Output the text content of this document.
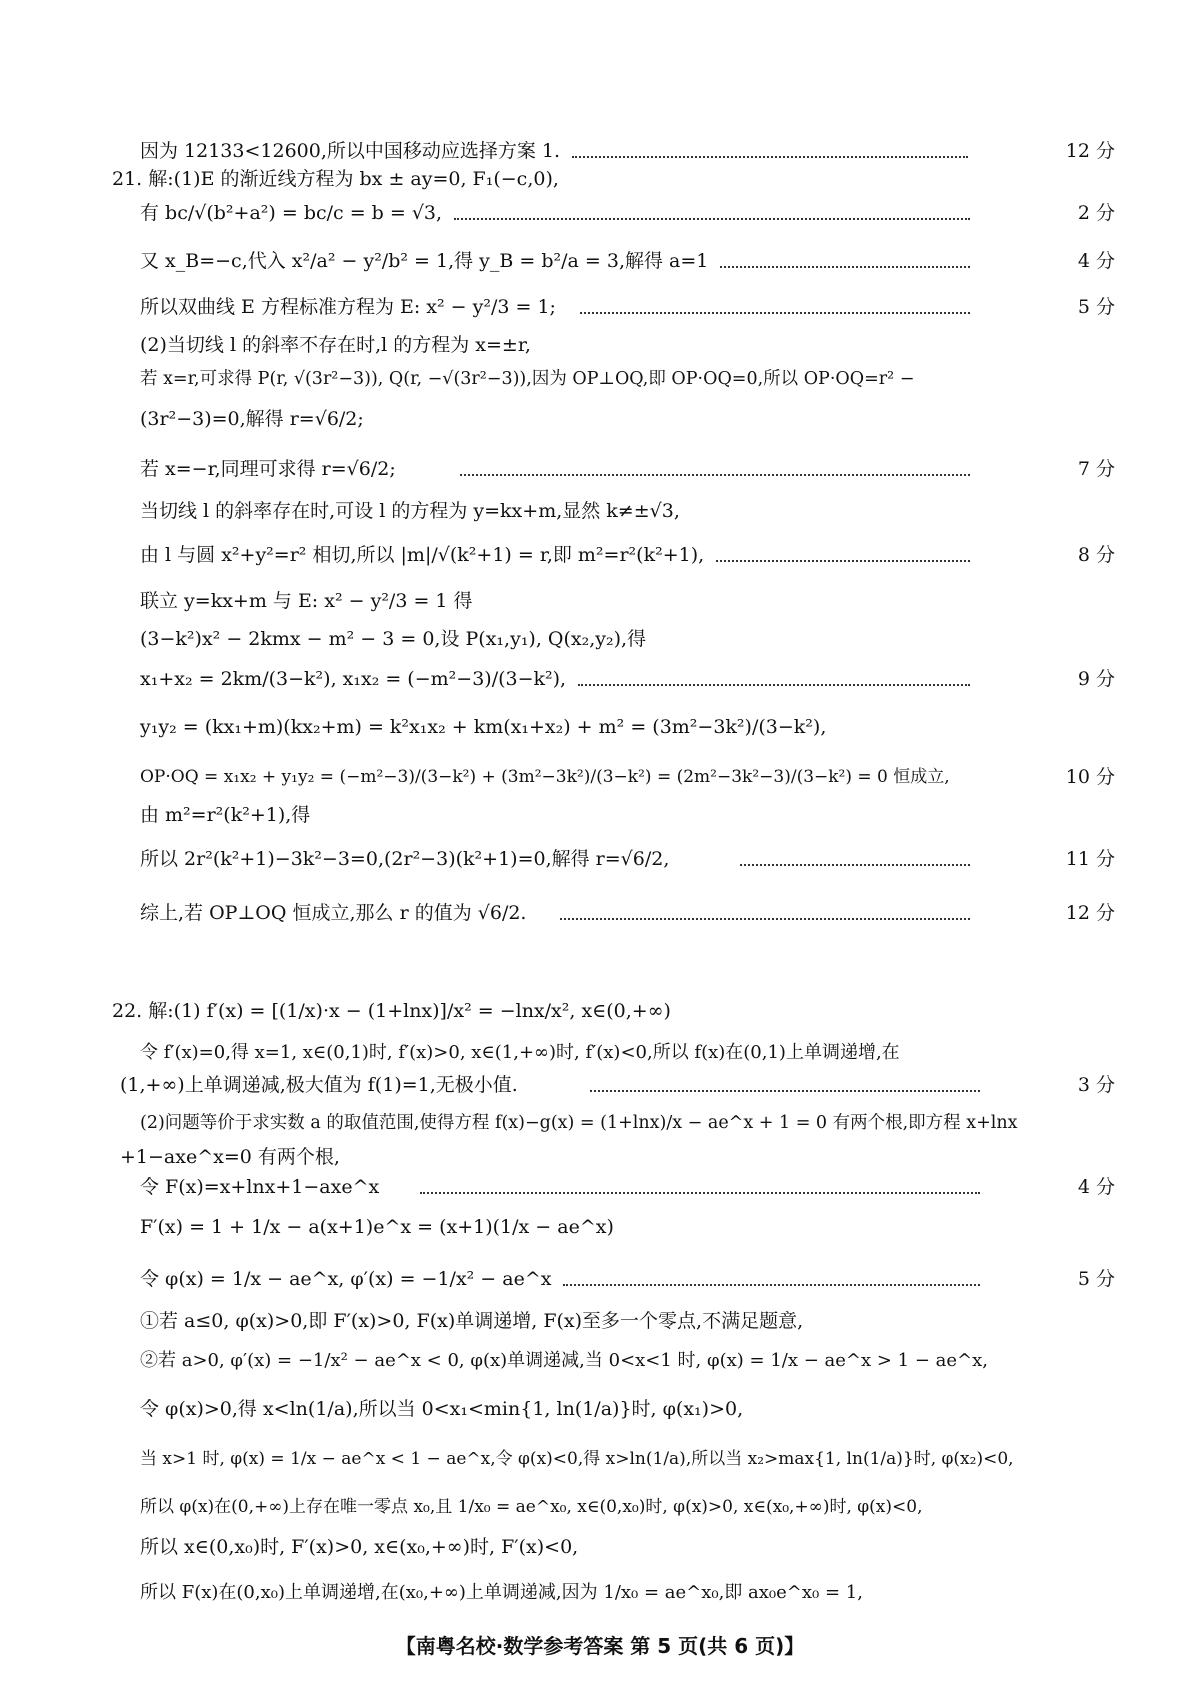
因为 12133<12600,所以中国移动应选择方案 1.	12 分
21. 解:(1)E 的渐近线方程为 bx ± ay=0, F₁(−c,0),
有 bc/√(b²+a²) = bc/c = b = √3,	2 分
又 x_B=−c,代入 x²/a² − y²/b² = 1,得 y_B = b²/a = 3,解得 a=1	4 分
所以双曲线 E 方程标准方程为 E: x² − y²/3 = 1;	5 分
(2)当切线 l 的斜率不存在时,l 的方程为 x=±r,
若 x=r,可求得 P(r, √(3r²−3)), Q(r, −√(3r²−3)),因为 OP⊥OQ,即 OP·OQ=0,所以 OP·OQ=r² −
(3r²−3)=0,解得 r=√6/2;
若 x=−r,同理可求得 r=√6/2;	7 分
当切线 l 的斜率存在时,可设 l 的方程为 y=kx+m,显然 k≠±√3,
由 l 与圆 x²+y²=r² 相切,所以 |m|/√(k²+1) = r,即 m²=r²(k²+1),	8 分
联立 y=kx+m 与 E: x² − y²/3 = 1 得
(3−k²)x² − 2kmx − m² − 3 = 0,设 P(x₁,y₁), Q(x₂,y₂),得
x₁+x₂ = 2km/(3−k²), x₁x₂ = (−m²−3)/(3−k²),	9 分
y₁y₂ = (kx₁+m)(kx₂+m) = k²x₁x₂ + km(x₁+x₂) + m² = (3m²−3k²)/(3−k²),
OP·OQ = x₁x₂ + y₁y₂ = (−m²−3)/(3−k²) + (3m²−3k²)/(3−k²) = (2m²−3k²−3)/(3−k²) = 0 恒成立,	10 分
由 m²=r²(k²+1),得
所以 2r²(k²+1)−3k²−3=0,(2r²−3)(k²+1)=0,解得 r=√6/2,	11 分
综上,若 OP⊥OQ 恒成立,那么 r 的值为 √6/2.	12 分
22. 解:(1) f′(x) = [(1/x)·x − (1+lnx)]/x² = −lnx/x², x∈(0,+∞)
令 f′(x)=0,得 x=1, x∈(0,1)时, f′(x)>0, x∈(1,+∞)时, f′(x)<0,所以 f(x)在(0,1)上单调递增,在
(1,+∞)上单调递减,极大值为 f(1)=1,无极小值.	3 分
(2)问题等价于求实数 a 的取值范围,使得方程 f(x)−g(x) = (1+lnx)/x − ae^x + 1 = 0 有两个根,即方程 x+lnx
+1−axe^x=0 有两个根,
令 F(x)=x+lnx+1−axe^x	4 分
F′(x) = 1 + 1/x − a(x+1)e^x = (x+1)(1/x − ae^x)
令 φ(x) = 1/x − ae^x, φ′(x) = −1/x² − ae^x	5 分
①若 a≤0, φ(x)>0,即 F′(x)>0, F(x)单调递增, F(x)至多一个零点,不满足题意,
②若 a>0, φ′(x) = −1/x² − ae^x < 0, φ(x)单调递减,当 0<x<1 时, φ(x) = 1/x − ae^x > 1 − ae^x,
令 φ(x)>0,得 x<ln(1/a),所以当 0<x₁<min{1, ln(1/a)}时, φ(x₁)>0,
当 x>1 时, φ(x) = 1/x − ae^x < 1 − ae^x,令 φ(x)<0,得 x>ln(1/a),所以当 x₂>max{1, ln(1/a)}时, φ(x₂)<0,
所以 φ(x)在(0,+∞)上存在唯一零点 x₀,且 1/x₀ = ae^x₀, x∈(0,x₀)时, φ(x)>0, x∈(x₀,+∞)时, φ(x)<0,
所以 x∈(0,x₀)时, F′(x)>0, x∈(x₀,+∞)时, F′(x)<0,
所以 F(x)在(0,x₀)上单调递增,在(x₀,+∞)上单调递减,因为 1/x₀ = ae^x₀,即 ax₀e^x₀ = 1,
【南粤名校·数学参考答案 第 5 页(共 6 页)】
